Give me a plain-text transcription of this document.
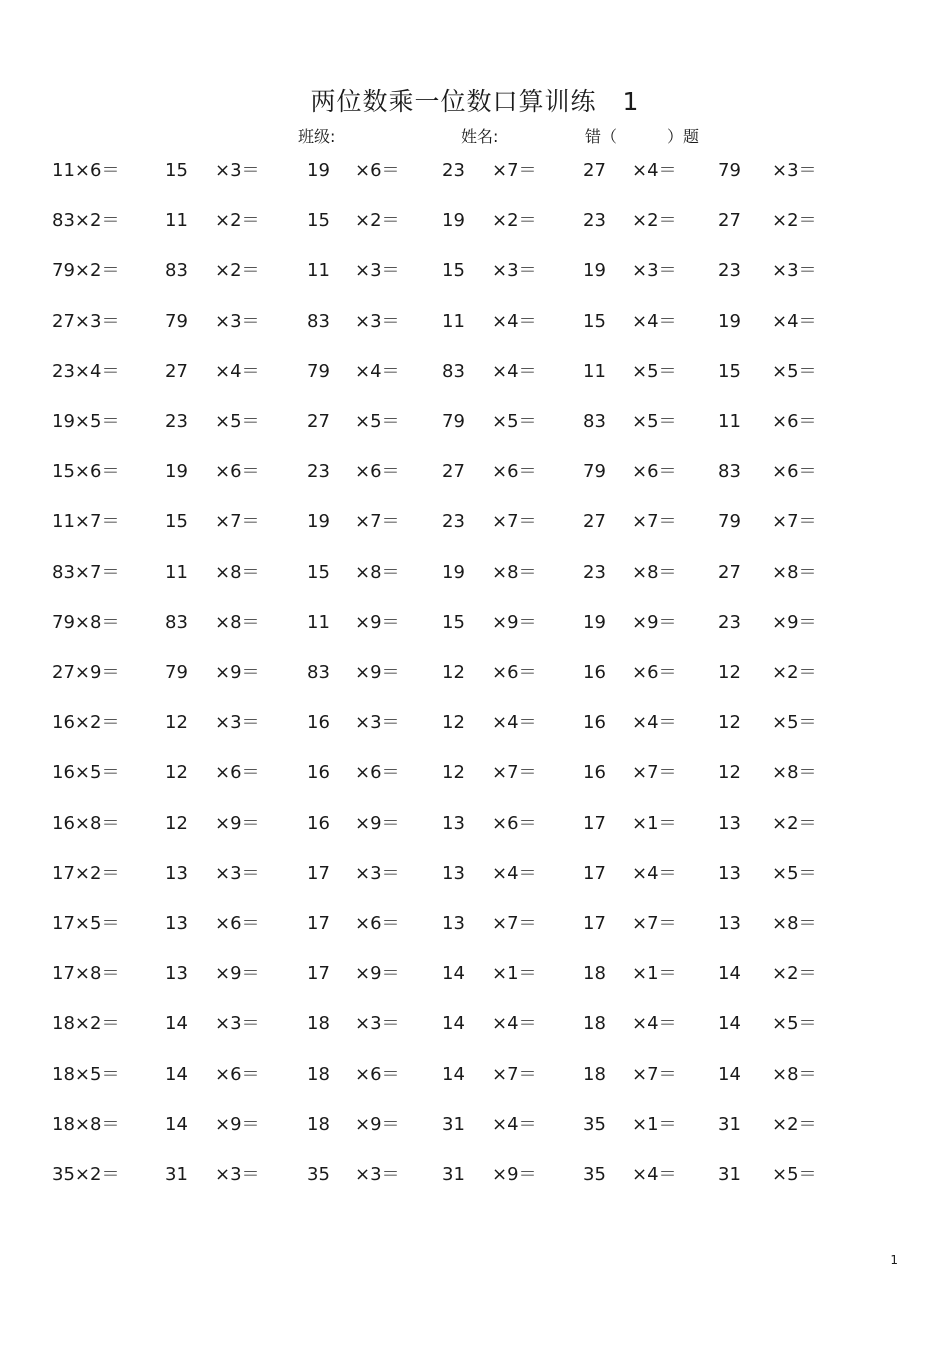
两位数乘一位数口算训练 1
班级:	姓名:	错（	）题
11×6＝	15 ×3＝	19 ×6＝ 23 ×7＝	27 ×4＝ 79 ×3＝
83×2＝	11 ×2＝	15 ×2＝ 19 ×2＝	23 ×2＝ 27 ×2＝
79×2＝	83 ×2＝	11 ×3＝ 15 ×3＝	19 ×3＝ 23 ×3＝
27×3＝	79 ×3＝	83 ×3＝ 11 ×4＝	15 ×4＝ 19 ×4＝
23×4＝	27 ×4＝	79 ×4＝ 83 ×4＝	11 ×5＝ 15 ×5＝
19×5＝	23 ×5＝	27 ×5＝ 79 ×5＝	83 ×5＝ 11 ×6＝
15×6＝	19 ×6＝	23 ×6＝ 27 ×6＝	79 ×6＝ 83 ×6＝
11×7＝	15 ×7＝	19 ×7＝ 23 ×7＝	27 ×7＝ 79 ×7＝
83×7＝	11 ×8＝	15 ×8＝ 19 ×8＝	23 ×8＝ 27 ×8＝
79×8＝	83 ×8＝	11 ×9＝ 15 ×9＝	19 ×9＝ 23 ×9＝
27×9＝	79 ×9＝	83 ×9＝ 12 ×6＝	16 ×6＝ 12 ×2＝
16×2＝	12 ×3＝	16 ×3＝ 12 ×4＝	16 ×4＝ 12 ×5＝
16×5＝	12 ×6＝	16 ×6＝ 12 ×7＝	16 ×7＝ 12 ×8＝
16×8＝	12 ×9＝	16 ×9＝ 13 ×6＝	17 ×1＝ 13 ×2＝
17×2＝	13 ×3＝	17 ×3＝ 13 ×4＝	17 ×4＝ 13 ×5＝
17×5＝	13 ×6＝	17 ×6＝ 13 ×7＝	17 ×7＝ 13 ×8＝
17×8＝	13 ×9＝	17 ×9＝ 14 ×1＝	18 ×1＝ 14 ×2＝
18×2＝	14 ×3＝	18 ×3＝ 14 ×4＝	18 ×4＝ 14 ×5＝
18×5＝	14 ×6＝	18 ×6＝ 14 ×7＝	18 ×7＝ 14 ×8＝
18×8＝	14 ×9＝	18 ×9＝ 31 ×4＝	35 ×1＝ 31 ×2＝
35×2＝	31 ×3＝	35 ×3＝ 31 ×9＝	35 ×4＝ 31 ×5＝
1
